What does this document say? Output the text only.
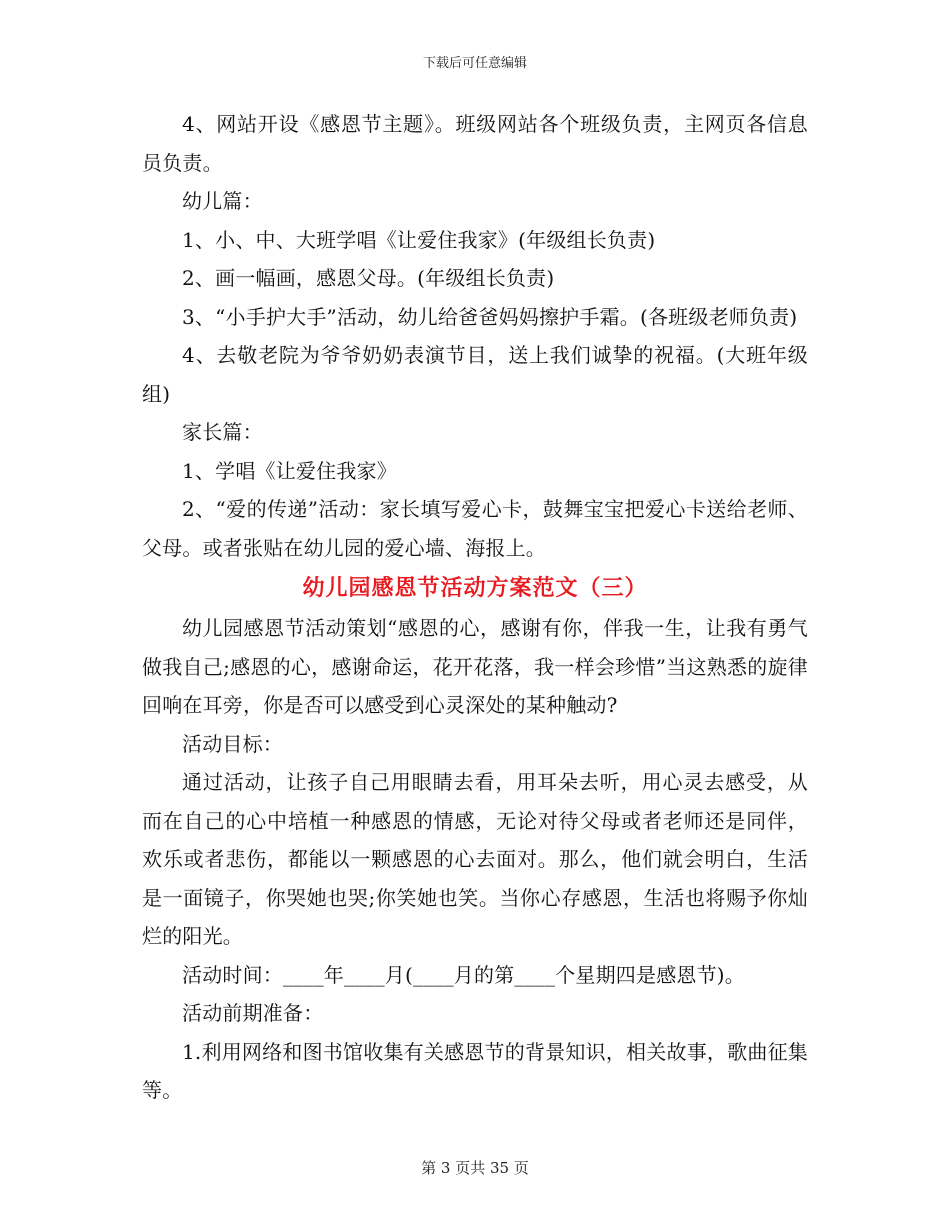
下载后可任意编辑

4、网站开设《感恩节主题》。班级网站各个班级负责，主网页各信息员负责。

幼儿篇：

1、小、中、大班学唱《让爱住我家》(年级组长负责)

2、画一幅画，感恩父母。(年级组长负责)

3、“小手护大手”活动，幼儿给爸爸妈妈擦护手霜。(各班级老师负责)

4、去敬老院为爷爷奶奶表演节目，送上我们诚挚的祝福。(大班年级组)

家长篇：

1、学唱《让爱住我家》

2、“爱的传递”活动：家长填写爱心卡，鼓舞宝宝把爱心卡送给老师、父母。或者张贴在幼儿园的爱心墙、海报上。

幼儿园感恩节活动方案范文（三）

幼儿园感恩节活动策划“感恩的心，感谢有你，伴我一生，让我有勇气做我自己;感恩的心，感谢命运，花开花落，我一样会珍惜”当这熟悉的旋律回响在耳旁，你是否可以感受到心灵深处的某种触动?

活动目标：

通过活动，让孩子自己用眼睛去看，用耳朵去听，用心灵去感受，从而在自己的心中培植一种感恩的情感，无论对待父母或者老师还是同伴，欢乐或者悲伤，都能以一颗感恩的心去面对。那么，他们就会明白，生活是一面镜子，你哭她也哭;你笑她也笑。当你心存感恩，生活也将赐予你灿烂的阳光。

活动时间：____年____月(____月的第____个星期四是感恩节)。

活动前期准备：

1.利用网络和图书馆收集有关感恩节的背景知识，相关故事，歌曲征集等。

第 3 页共 35 页
